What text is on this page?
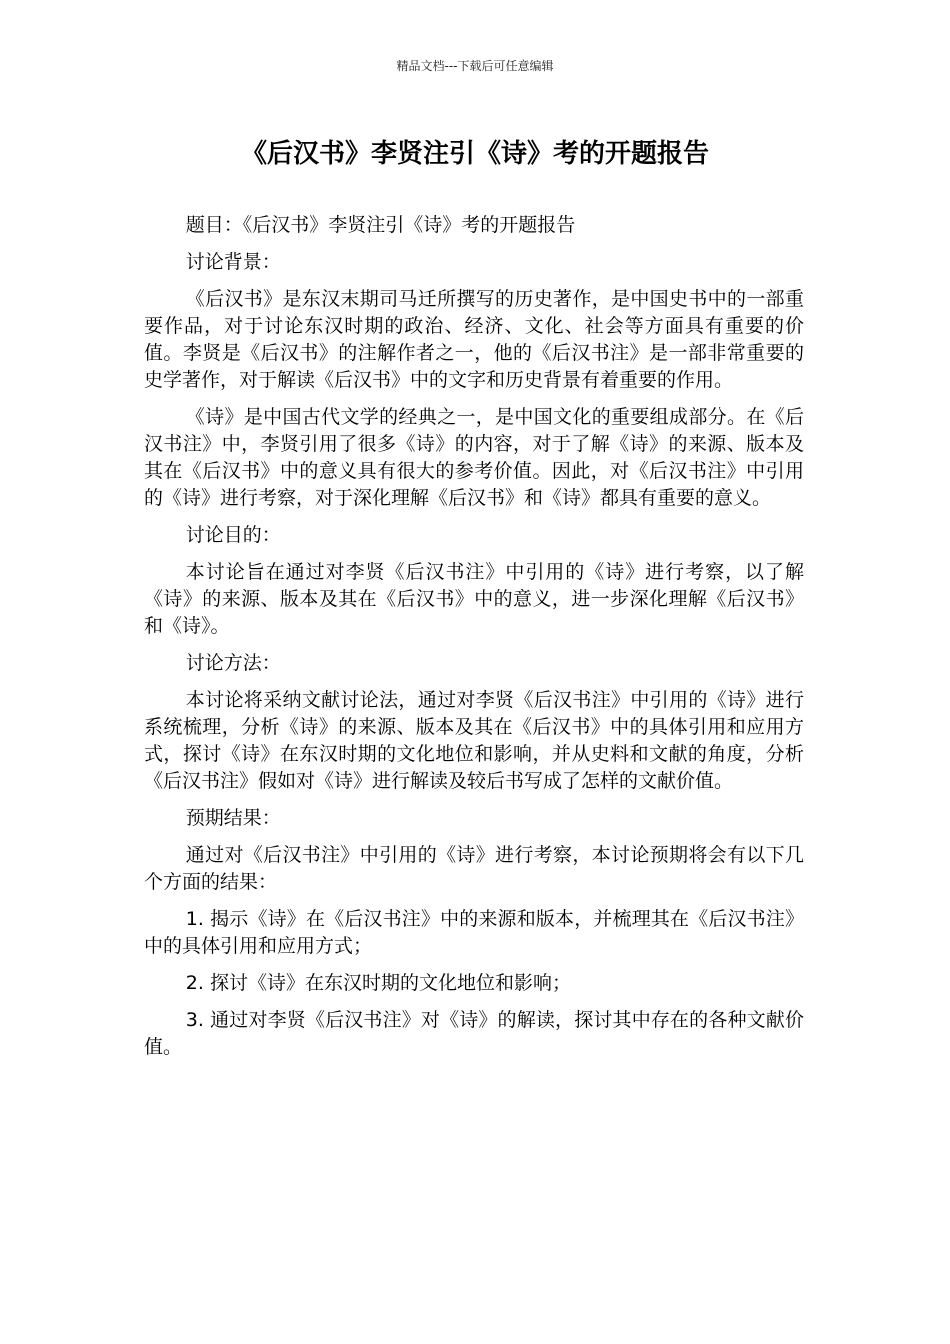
精品文档---下载后可任意编辑
《后汉书》李贤注引《诗》考的开题报告

题目：《后汉书》李贤注引《诗》考的开题报告

讨论背景：

《后汉书》是东汉末期司马迁所撰写的历史著作，是中国史书中的一部重要作品，对于讨论东汉时期的政治、经济、文化、社会等方面具有重要的价值。李贤是《后汉书》的注解作者之一，他的《后汉书注》是一部非常重要的史学著作，对于解读《后汉书》中的文字和历史背景有着重要的作用。

《诗》是中国古代文学的经典之一，是中国文化的重要组成部分。在《后汉书注》中，李贤引用了很多《诗》的内容，对于了解《诗》的来源、版本及其在《后汉书》中的意义具有很大的参考价值。因此，对《后汉书注》中引用的《诗》进行考察，对于深化理解《后汉书》和《诗》都具有重要的意义。

讨论目的：

本讨论旨在通过对李贤《后汉书注》中引用的《诗》进行考察，以了解《诗》的来源、版本及其在《后汉书》中的意义，进一步深化理解《后汉书》和《诗》。

讨论方法：

本讨论将采纳文献讨论法，通过对李贤《后汉书注》中引用的《诗》进行系统梳理，分析《诗》的来源、版本及其在《后汉书》中的具体引用和应用方式，探讨《诗》在东汉时期的文化地位和影响，并从史料和文献的角度，分析《后汉书注》假如对《诗》进行解读及较后书写成了怎样的文献价值。

预期结果：

通过对《后汉书注》中引用的《诗》进行考察，本讨论预期将会有以下几个方面的结果：

1. 揭示《诗》在《后汉书注》中的来源和版本，并梳理其在《后汉书注》中的具体引用和应用方式；

2. 探讨《诗》在东汉时期的文化地位和影响；

3. 通过对李贤《后汉书注》对《诗》的解读，探讨其中存在的各种文献价值。
